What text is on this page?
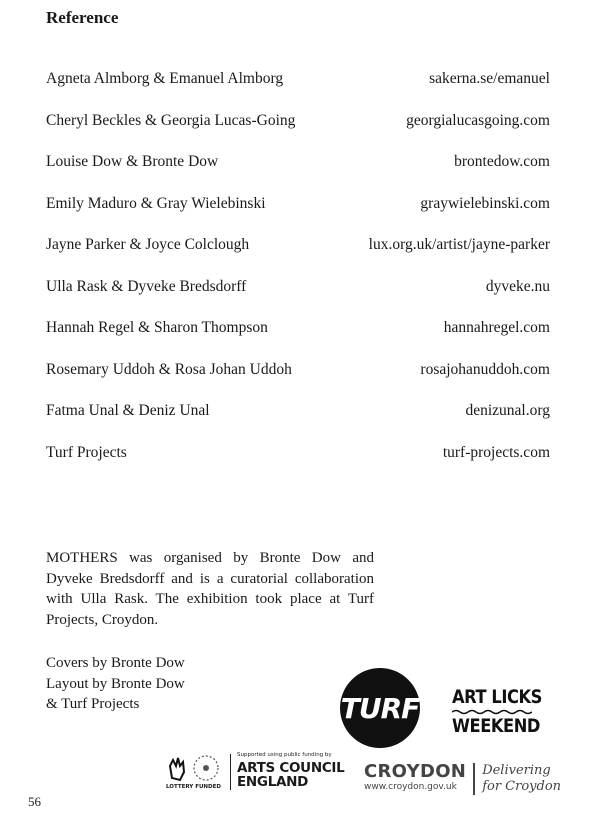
Reference
Agneta Almborg & Emanuel Almborg	sakerna.se/emanuel
Cheryl Beckles & Georgia Lucas-Going	georgialucasgoing.com
Louise Dow & Bronte Dow	brontedow.com
Emily Maduro & Gray Wielebinski	graywielebinski.com
Jayne Parker & Joyce Colclough	lux.org.uk/artist/jayne-parker
Ulla Rask & Dyveke Bredsdorff	dyveke.nu
Hannah Regel & Sharon Thompson	hannahregel.com
Rosemary Uddoh & Rosa Johan Uddoh	rosajohanuddoh.com
Fatma Unal & Deniz Unal	denizunal.org
Turf Projects	turf-projects.com

MOTHERS was organised by Bronte Dow and Dyveke Bredsdorff and is a curatorial collaboration with Ulla Rask. The exhibition took place at Turf Projects, Croydon.

Covers by Bronte Dow
Layout by Bronte Dow
& Turf Projects	TURF ART LICKS
WEEKEND
LOTTERY FUNDED
Supported using public funding by
ARTS COUNCIL
ENGLAND	CROYDON
www.croydon.gov.uk
Delivering
for Croydon
56
